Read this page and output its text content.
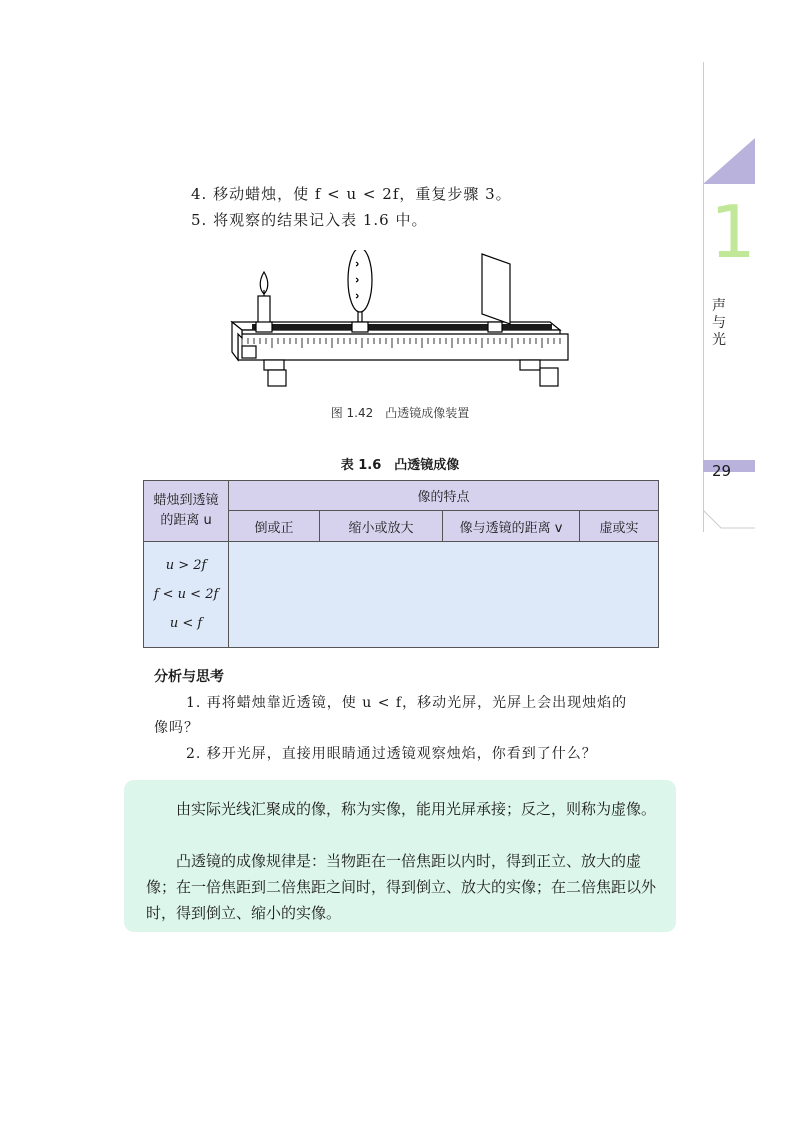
4. 移动蜡烛，使 f < u < 2f，重复步骤 3。
5. 将观察的结果记入表 1.6 中。
图 1.42　凸透镜成像装置
表 1.6　凸透镜成像
蜡烛到透镜
的距离 u	像的特点			
	倒或正	缩小或放大	像与透镜的距离 v	虚或实

u > 2f
f < u < 2f
u < f				

分析与思考
1. 再将蜡烛靠近透镜，使 u < f，移动光屏，光屏上会出现烛焰的
像吗？
2. 移开光屏，直接用眼睛通过透镜观察烛焰，你看到了什么？

由实际光线汇聚成的像，称为实像，能用光屏承接；反之，则称为虚像。

凸透镜的成像规律是：当物距在一倍焦距以内时，得到正立、放大的虚像；在一倍焦距到二倍焦距之间时，得到倒立、放大的实像；在二倍焦距以外时，得到倒立、缩小的实像。

1
声与光
29
